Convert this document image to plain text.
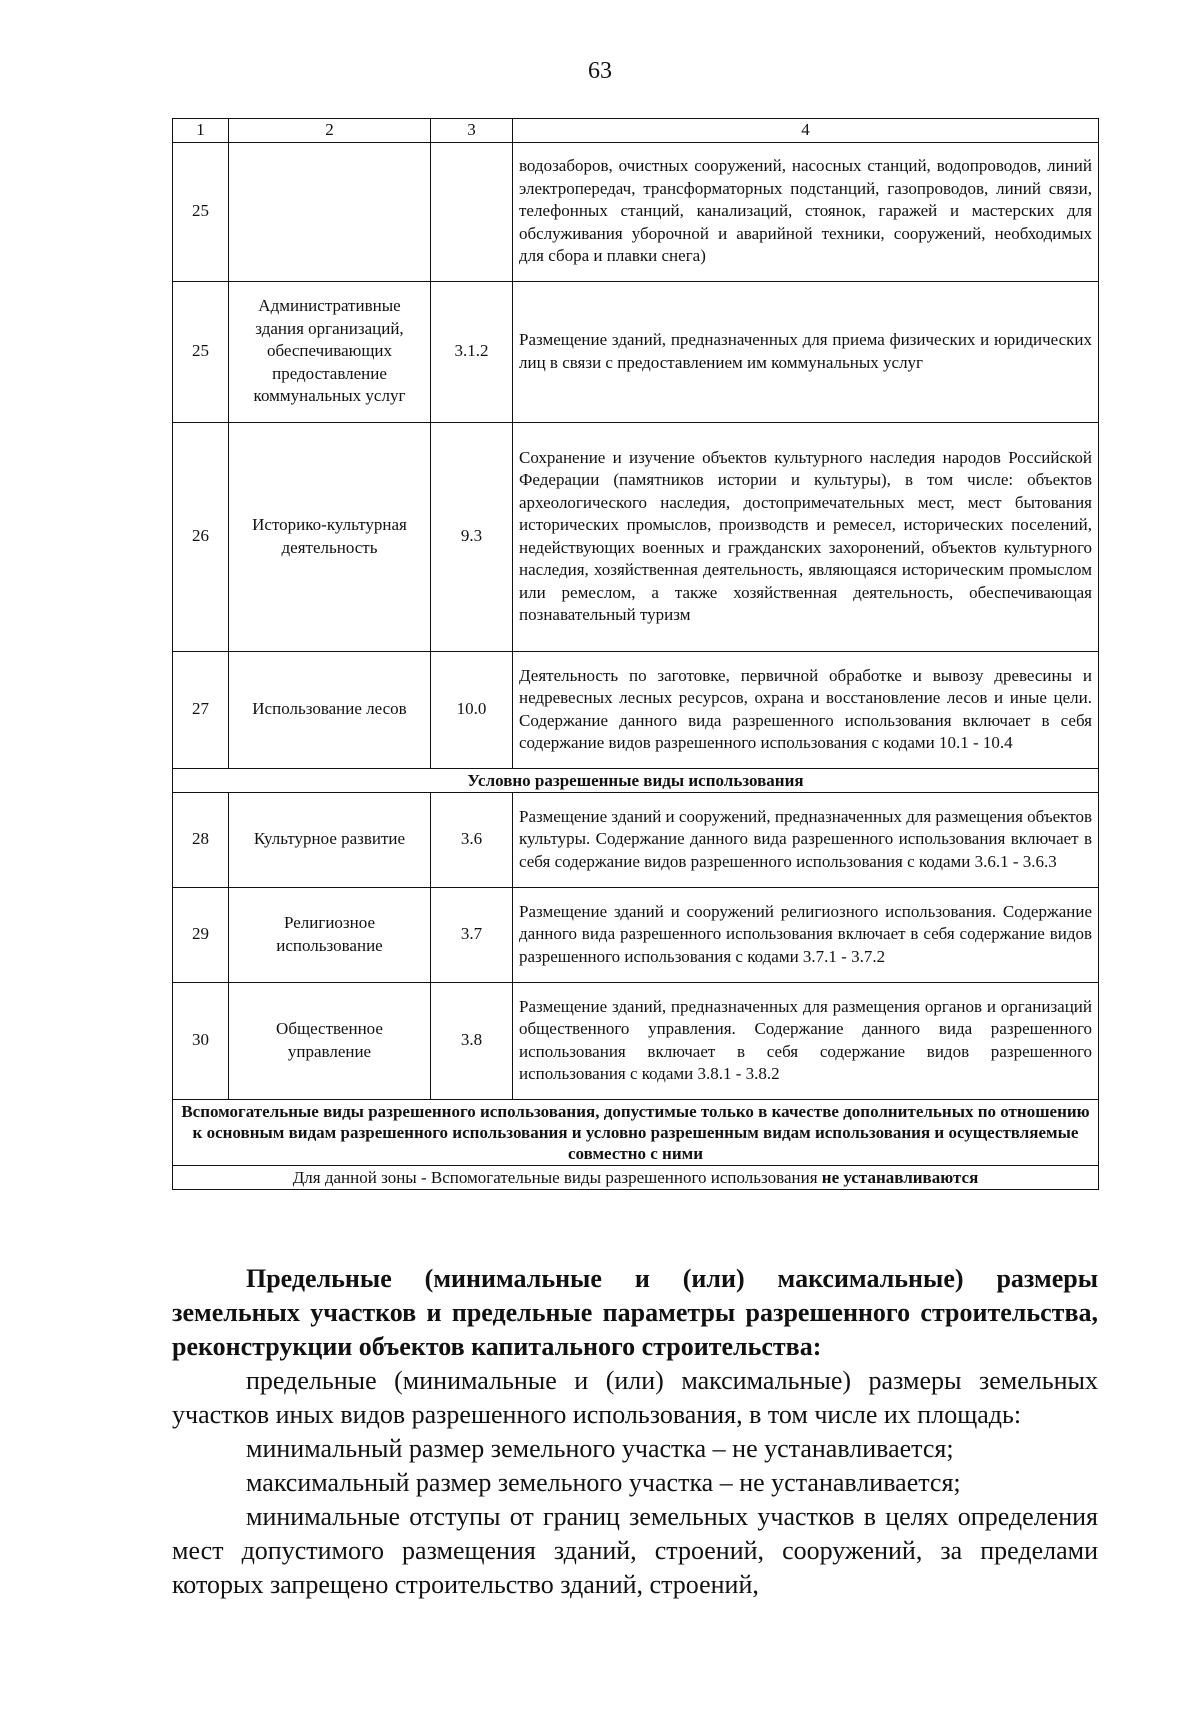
63
1	2	3	4
25			водозаборов, очистных сооружений, насосных станций, водопроводов, линий электропередач, трансформаторных подстанций, газопроводов, линий связи, телефонных станций, канализаций, стоянок, гаражей и мастерских для обслуживания уборочной и аварийной техники, сооружений, необходимых для сбора и плавки снега)
25	Административные здания организаций, обеспечивающих предоставление коммунальных услуг	3.1.2	Размещение зданий, предназначенных для приема физических и юридических лиц в связи с предоставлением им коммунальных услуг
26	Историко-культурная деятельность	9.3	Сохранение и изучение объектов культурного наследия народов Российской Федерации (памятников истории и культуры), в том числе: объектов археологического наследия, достопримечательных мест, мест бытования исторических промыслов, производств и ремесел, исторических поселений, недействующих военных и гражданских захоронений, объектов культурного наследия, хозяйственная деятельность, являющаяся историческим промыслом или ремеслом, а также хозяйственная деятельность, обеспечивающая познавательный туризм
27	Использование лесов	10.0	Деятельность по заготовке, первичной обработке и вывозу древесины и недревесных лесных ресурсов, охрана и восстановление лесов и иные цели. Содержание данного вида разрешенного использования включает в себя содержание видов разрешенного использования с кодами 10.1 - 10.4
Условно разрешенные виды использования			
28	Культурное развитие	3.6	Размещение зданий и сооружений, предназначенных для размещения объектов культуры. Содержание данного вида разрешенного использования включает в себя содержание видов разрешенного использования с кодами 3.6.1 - 3.6.3
29	Религиозное использование	3.7	Размещение зданий и сооружений религиозного использования. Содержание данного вида разрешенного использования включает в себя содержание видов разрешенного использования с кодами 3.7.1 - 3.7.2
30	Общественное управление	3.8	Размещение зданий, предназначенных для размещения органов и организаций общественного управления. Содержание данного вида разрешенного использования включает в себя содержание видов разрешенного использования с кодами 3.8.1 - 3.8.2
Вспомогательные виды разрешенного использования, допустимые только в качестве дополнительных по отношению к основным видам разрешенного использования и условно разрешенным видам использования и осуществляемые совместно с ними			
Для данной зоны - Вспомогательные виды разрешенного использования не устанавливаются			

Предельные (минимальные и (или) максимальные) размеры земельных участков и предельные параметры разрешенного строительства, реконструкции объектов капитального строительства:

предельные (минимальные и (или) максимальные) размеры земельных участков иных видов разрешенного использования, в том числе их площадь:

минимальный размер земельного участка – не устанавливается;

максимальный размер земельного участка – не устанавливается;

минимальные отступы от границ земельных участков в целях определения мест допустимого размещения зданий, строений, сооружений, за пределами которых запрещено строительство зданий, строений,
